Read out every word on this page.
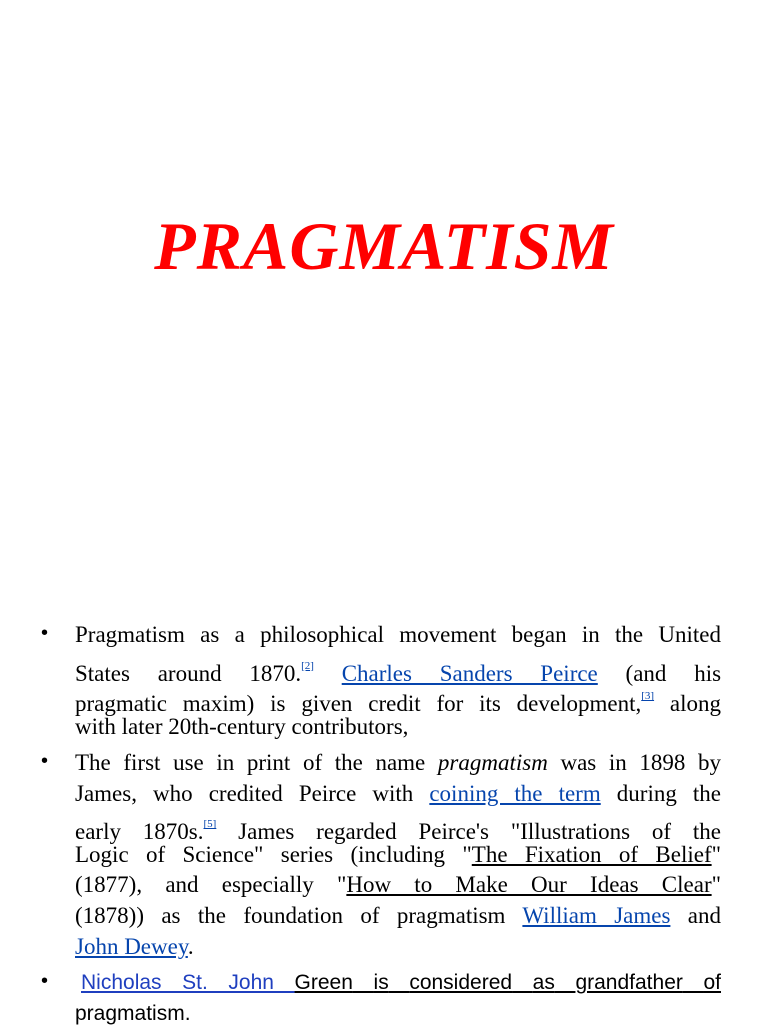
PRAGMATISM
• Pragmatism as a philosophical movement began in the United
States around 1870.[2] Charles Sanders Peirce (and his
pragmatic maxim) is given credit for its development,[3] along
with later 20th-century contributors,
• The first use in print of the name pragmatism was in 1898 by
James, who credited Peirce with coining the term during the
early 1870s.[5] James regarded Peirce's "Illustrations of the
Logic of Science" series (including "The Fixation of Belief"
(1877), and especially "How to Make Our Ideas Clear"
(1878)) as the foundation of pragmatism William James and
John Dewey.
• Nicholas St. John Green is considered as grandfather of
pragmatism.
